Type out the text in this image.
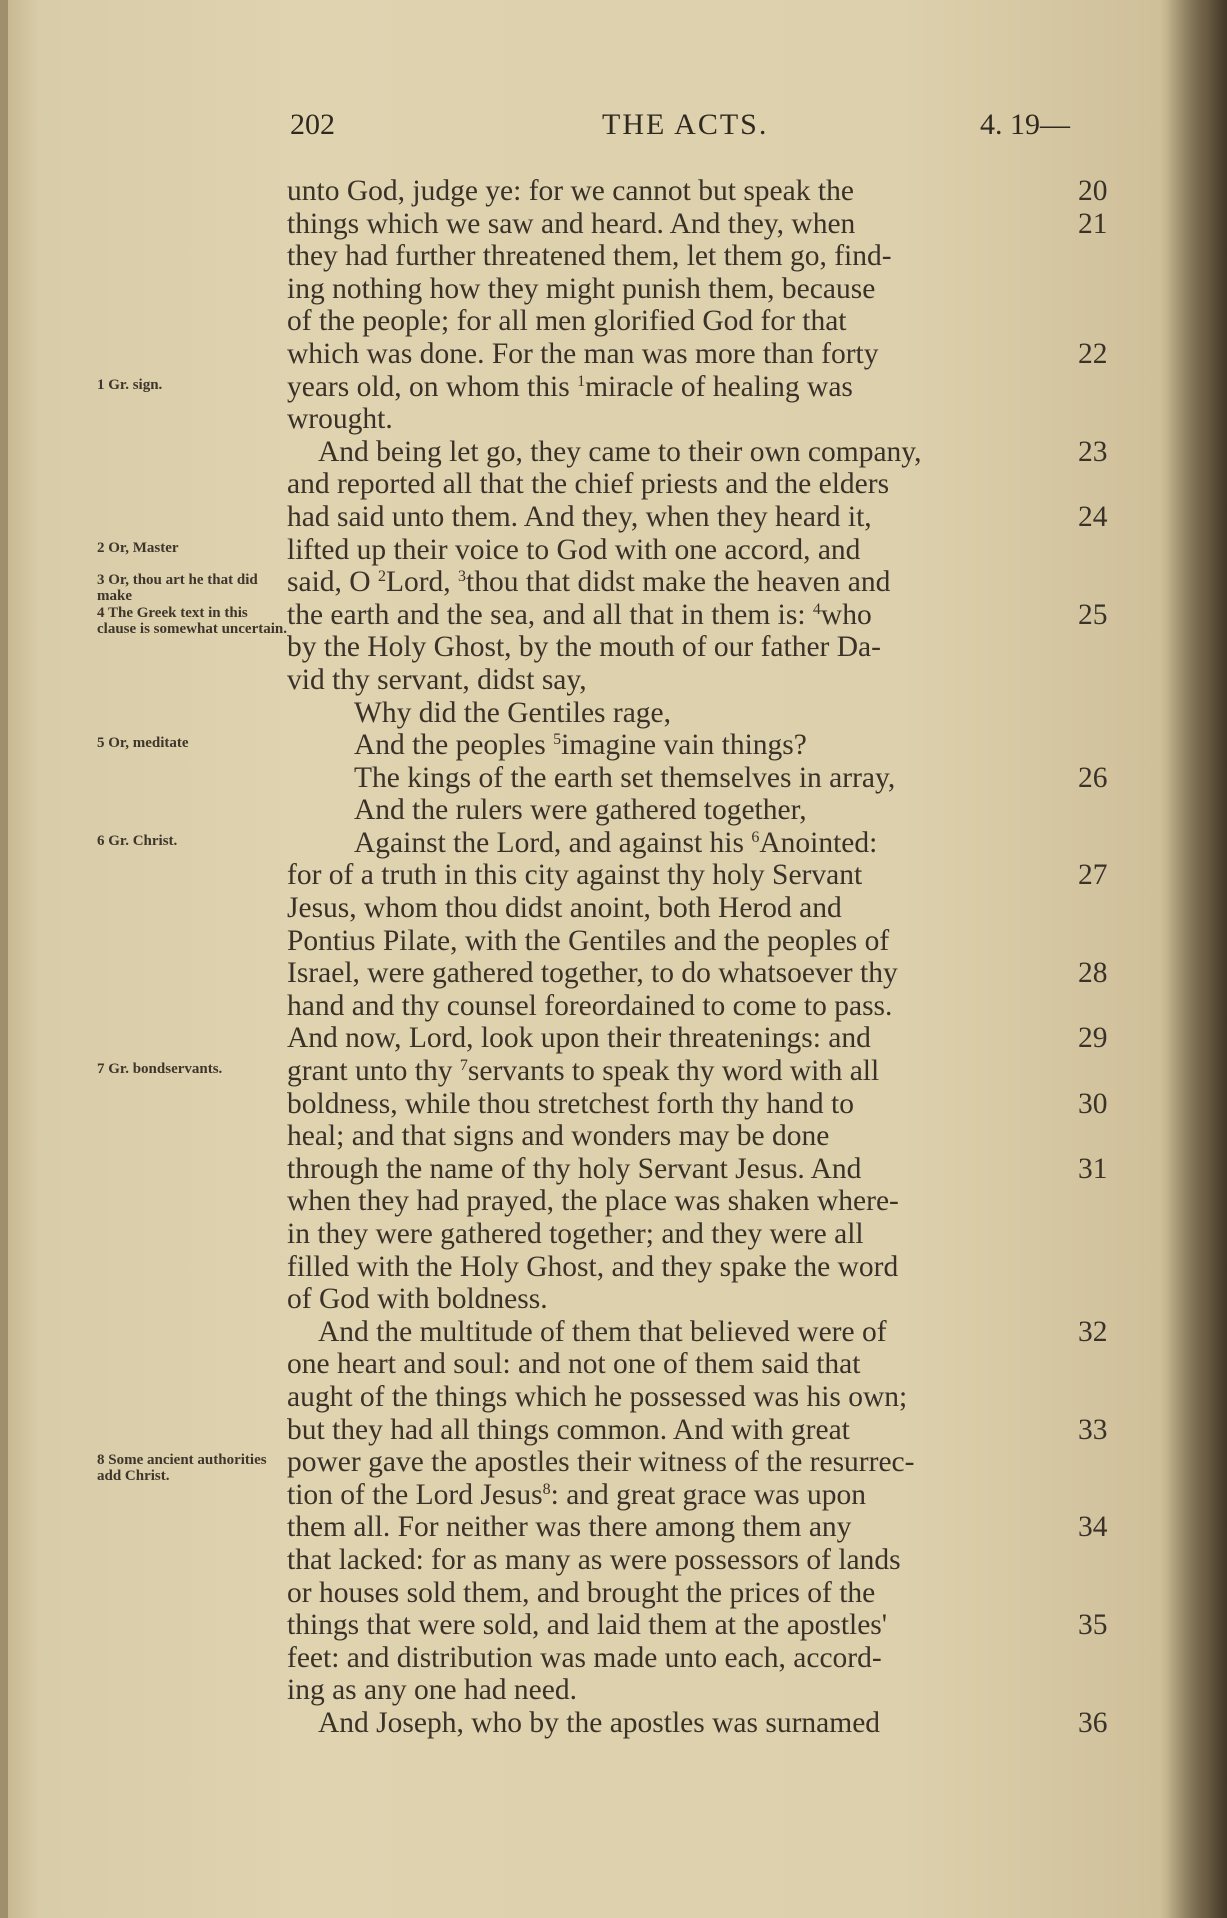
202	THE ACTS.	4. 19—
unto God, judge ye: for we cannot but speak the	20
things which we saw and heard. And they, when	21
they had further threatened them, let them go, find-
ing nothing how they might punish them, because
of the people; for all men glorified God for that
which was done. For the man was more than forty	22
years old, on whom this $^1$miracle of healing was
1 Gr. sign.
wrought.
And being let go, they came to their own company,	23
and reported all that the chief priests and the elders
had said unto them. And they, when they heard it,	24
lifted up their voice to God with one accord, and
2 Or, Master
said, O $^2$Lord, $^3$thou that didst make the heaven and
3 Or, thou art he that did make
the earth and the sea, and all that in them is: $^4$who	25
4 The Greek text in this clause is somewhat uncertain.
by the Holy Ghost, by the mouth of our father Da-
vid thy servant, didst say,
Why did the Gentiles rage,
And the peoples $^5$imagine vain things?
5 Or, meditate
The kings of the earth set themselves in array,	26
And the rulers were gathered together,
Against the Lord, and against his $^6$Anointed:
6 Gr. Christ.
for of a truth in this city against thy holy Servant	27
Jesus, whom thou didst anoint, both Herod and
Pontius Pilate, with the Gentiles and the peoples of
Israel, were gathered together, to do whatsoever thy	28
hand and thy counsel foreordained to come to pass.
And now, Lord, look upon their threatenings: and	29
grant unto thy $^7$servants to speak thy word with all
7 Gr. bondservants.
boldness, while thou stretchest forth thy hand to	30
heal; and that signs and wonders may be done
through the name of thy holy Servant Jesus. And	31
when they had prayed, the place was shaken where-
in they were gathered together; and they were all
filled with the Holy Ghost, and they spake the word
of God with boldness.
And the multitude of them that believed were of	32
one heart and soul: and not one of them said that
aught of the things which he possessed was his own;
but they had all things common. And with great	33
power gave the apostles their witness of the resurrec-
8 Some ancient authorities add Christ.
tion of the Lord Jesus$^8$: and great grace was upon
them all. For neither was there among them any	34
that lacked: for as many as were possessors of lands
or houses sold them, and brought the prices of the
things that were sold, and laid them at the apostles'	35
feet: and distribution was made unto each, accord-
ing as any one had need.
And Joseph, who by the apostles was surnamed	36
